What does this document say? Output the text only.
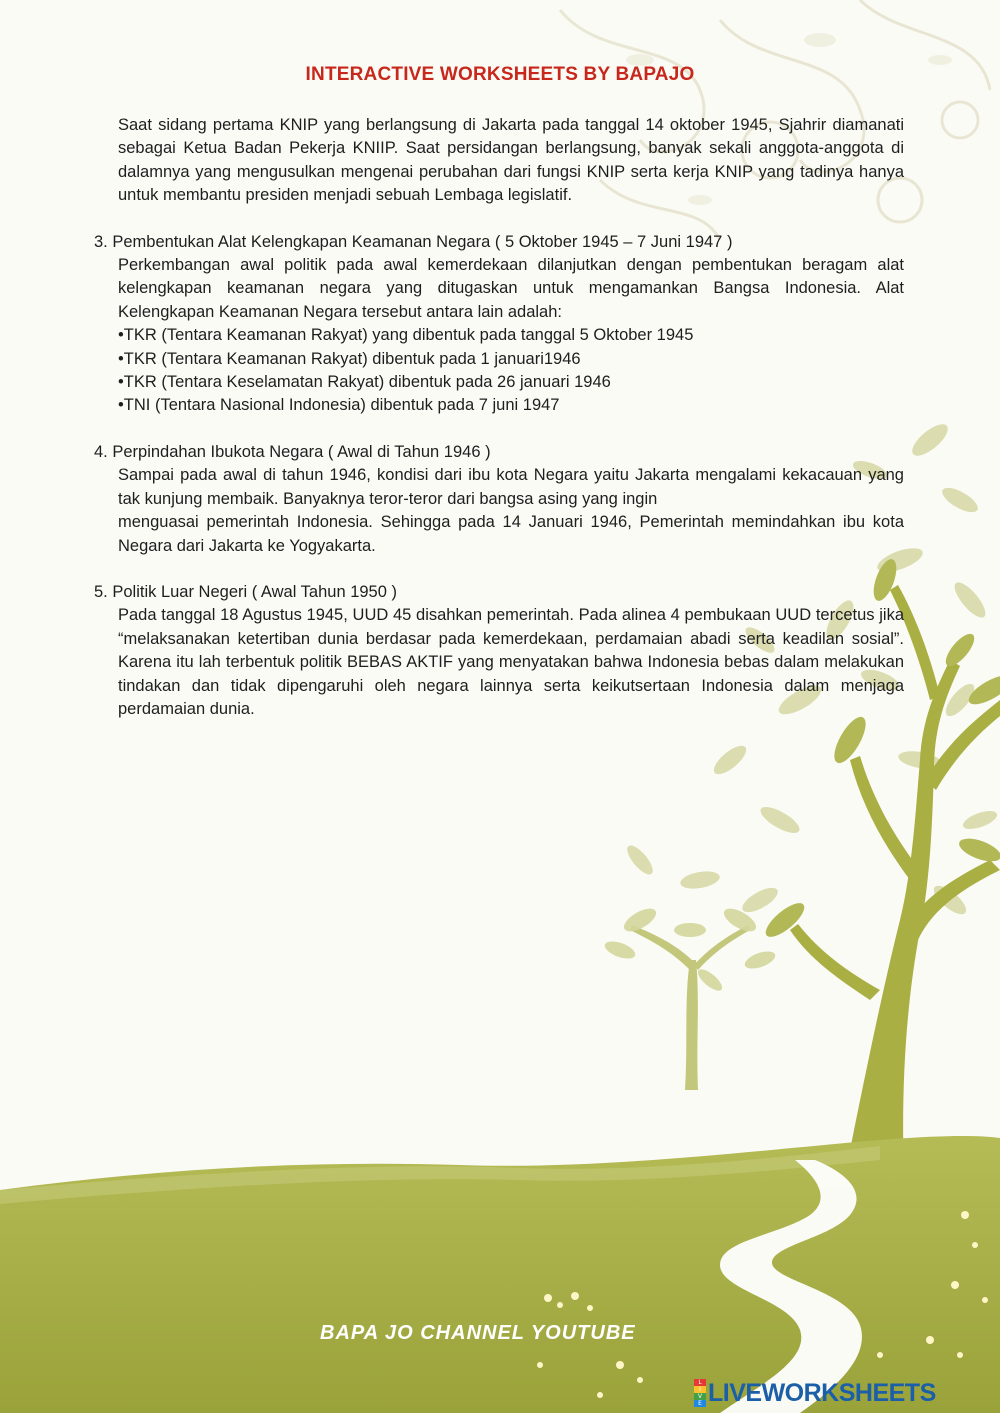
INTERACTIVE WORKSHEETS BY BAPAJO

Saat sidang pertama KNIP yang berlangsung di Jakarta pada tanggal 14 oktober 1945, Sjahrir diamanati sebagai Ketua Badan Pekerja KNIIP. Saat persidangan berlangsung, banyak sekali anggota-anggota di dalamnya yang mengusulkan mengenai perubahan dari fungsi KNIP serta kerja KNIP yang tadinya hanya untuk membantu presiden menjadi sebuah Lembaga legislatif.

3. Pembentukan Alat Kelengkapan Keamanan Negara ( 5 Oktober 1945 – 7 Juni 1947 )

Perkembangan awal politik pada awal kemerdekaan dilanjutkan dengan pembentukan beragam alat kelengkapan keamanan negara yang ditugaskan untuk mengamankan Bangsa Indonesia. Alat Kelengkapan Keamanan Negara tersebut antara lain adalah:

• TKR (Tentara Keamanan Rakyat) yang dibentuk pada tanggal 5 Oktober 1945
• TKR (Tentara Keamanan Rakyat) dibentuk pada 1 januari1946
• TKR (Tentara Keselamatan Rakyat) dibentuk pada 26 januari 1946
• TNI (Tentara Nasional Indonesia) dibentuk pada 7 juni 1947

4. Perpindahan Ibukota Negara ( Awal di Tahun 1946 )

Sampai pada awal di tahun 1946, kondisi dari ibu kota Negara yaitu Jakarta mengalami kekacauan yang tak kunjung membaik. Banyaknya teror-teror dari bangsa asing yang ingin

menguasai pemerintah Indonesia. Sehingga pada 14 Januari 1946, Pemerintah memindahkan ibu kota Negara dari Jakarta ke Yogyakarta.

5. Politik Luar Negeri ( Awal Tahun 1950 )

Pada tanggal 18 Agustus 1945, UUD 45 disahkan pemerintah. Pada alinea 4 pembukaan UUD tercetus jika “melaksanakan ketertiban dunia berdasar pada kemerdekaan, perdamaian abadi serta keadilan sosial”. Karena itu lah terbentuk politik BEBAS AKTIF yang menyatakan bahwa Indonesia bebas dalam melakukan tindakan dan tidak dipengaruhi oleh negara lainnya serta keikutsertaan Indonesia dalam menjaga perdamaian dunia.

BAPA JO CHANNEL YOUTUBE
L
I
V
E LIVEWORKSHEETS
